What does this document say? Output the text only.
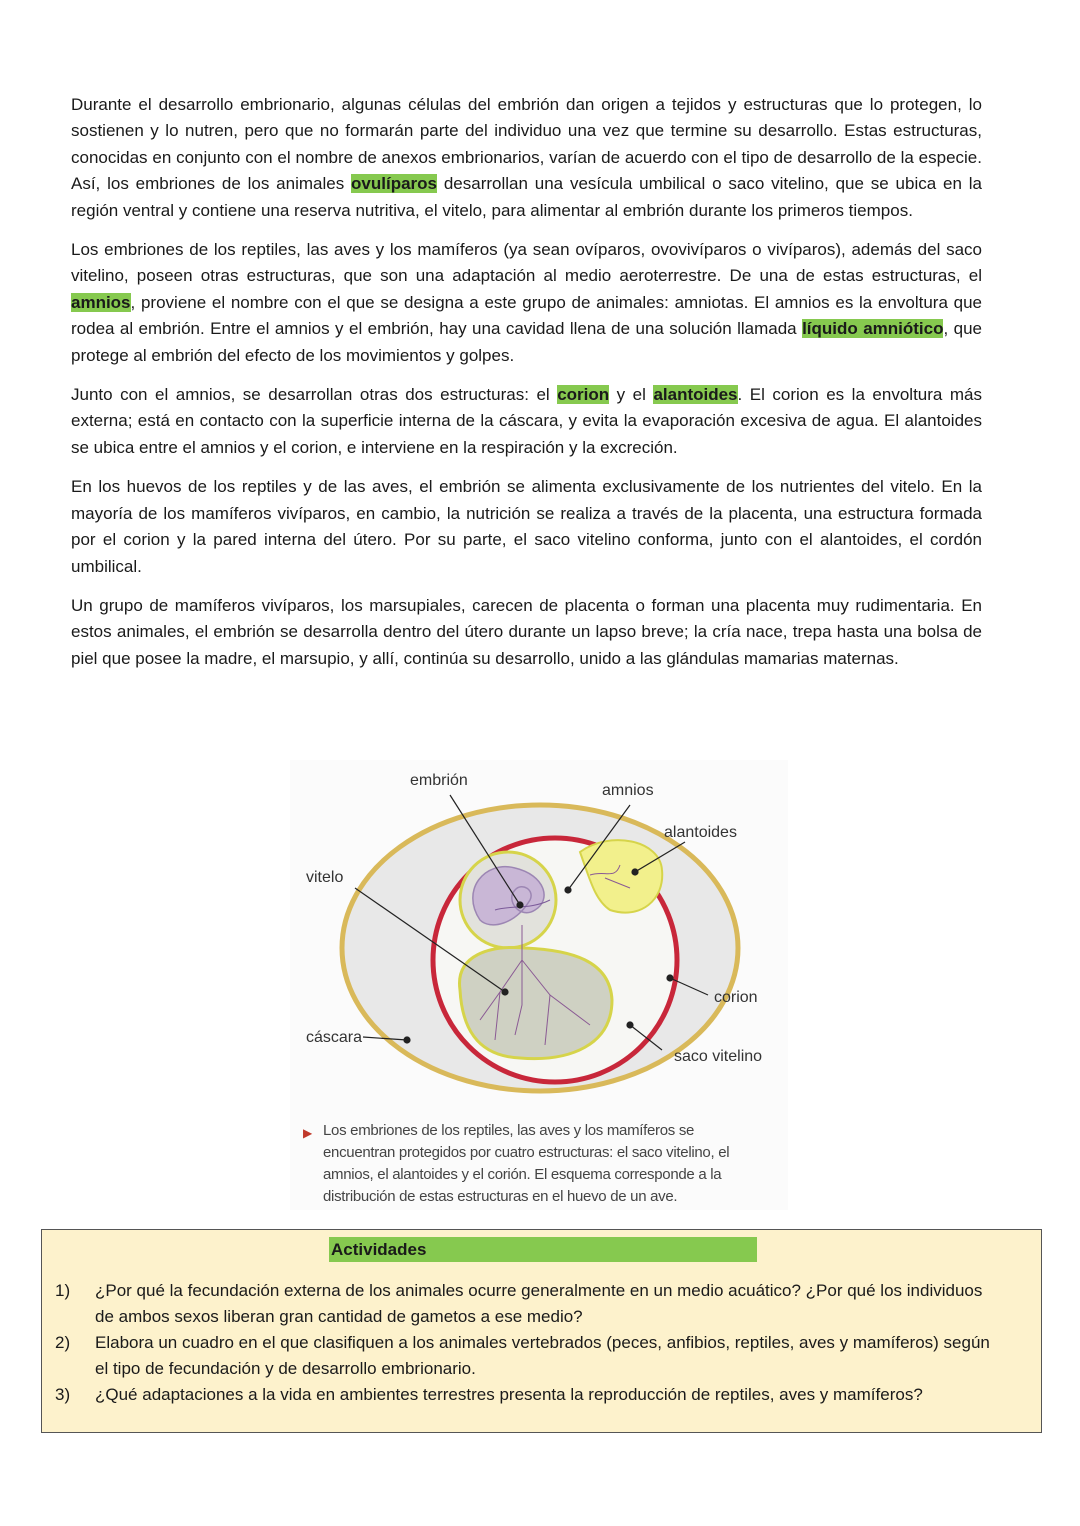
Durante el desarrollo embrionario, algunas células del embrión dan origen a tejidos y estructuras que lo protegen, lo sostienen y lo nutren, pero que no formarán parte del individuo una vez que termine su desarrollo. Estas estructuras, conocidas en conjunto con el nombre de anexos embrionarios, varían de acuerdo con el tipo de desarrollo de la especie. Así, los embriones de los animales ovulíparos desarrollan una vesícula umbilical o saco vitelino, que se ubica en la región ventral y contiene una reserva nutritiva, el vitelo, para alimentar al embrión durante los primeros tiempos.

Los embriones de los reptiles, las aves y los mamíferos (ya sean ovíparos, ovovivíparos o vivíparos), además del saco vitelino, poseen otras estructuras, que son una adaptación al medio aeroterrestre. De una de estas estructuras, el amnios, proviene el nombre con el que se designa a este grupo de animales: amniotas. El amnios es la envoltura que rodea al embrión. Entre el amnios y el embrión, hay una cavidad llena de una solución llamada líquido amniótico, que protege al embrión del efecto de los movimientos y golpes.

Junto con el amnios, se desarrollan otras dos estructuras: el corion y el alantoides. El corion es la envoltura más externa; está en contacto con la superficie interna de la cáscara, y evita la evaporación excesiva de agua. El alantoides se ubica entre el amnios y el corion, e interviene en la respiración y la excreción.

En los huevos de los reptiles y de las aves, el embrión se alimenta exclusivamente de los nutrientes del vitelo. En la mayoría de los mamíferos vivíparos, en cambio, la nutrición se realiza a través de la placenta, una estructura formada por el corion y la pared interna del útero. Por su parte, el saco vitelino conforma, junto con el alantoides, el cordón umbilical.

Un grupo de mamíferos vivíparos, los marsupiales, carecen de placenta o forman una placenta muy rudimentaria. En estos animales, el embrión se desarrolla dentro del útero durante un lapso breve; la cría nace, trepa hasta una bolsa de piel que posee la madre, el marsupio, y allí, continúa su desarrollo, unido a las glándulas mamarias maternas.

embrión
amnios
alantoides
vitelo
corion
cáscara
saco vitelino
▶ Los embriones de los reptiles, las aves y los mamíferos se encuentran protegidos por cuatro estructuras: el saco vitelino, el amnios, el alantoides y el corión. El esquema corresponde a la distribución de estas estructuras en el huevo de un ave.
Actividades
1) ¿Por qué la fecundación externa de los animales ocurre generalmente en un medio acuático? ¿Por qué los individuos de ambos sexos liberan gran cantidad de gametos a ese medio?
2) Elabora un cuadro en el que clasifiquen a los animales vertebrados (peces, anfibios, reptiles, aves y mamíferos) según el tipo de fecundación y de desarrollo embrionario.
3) ¿Qué adaptaciones a la vida en ambientes terrestres presenta la reproducción de reptiles, aves y mamíferos?
